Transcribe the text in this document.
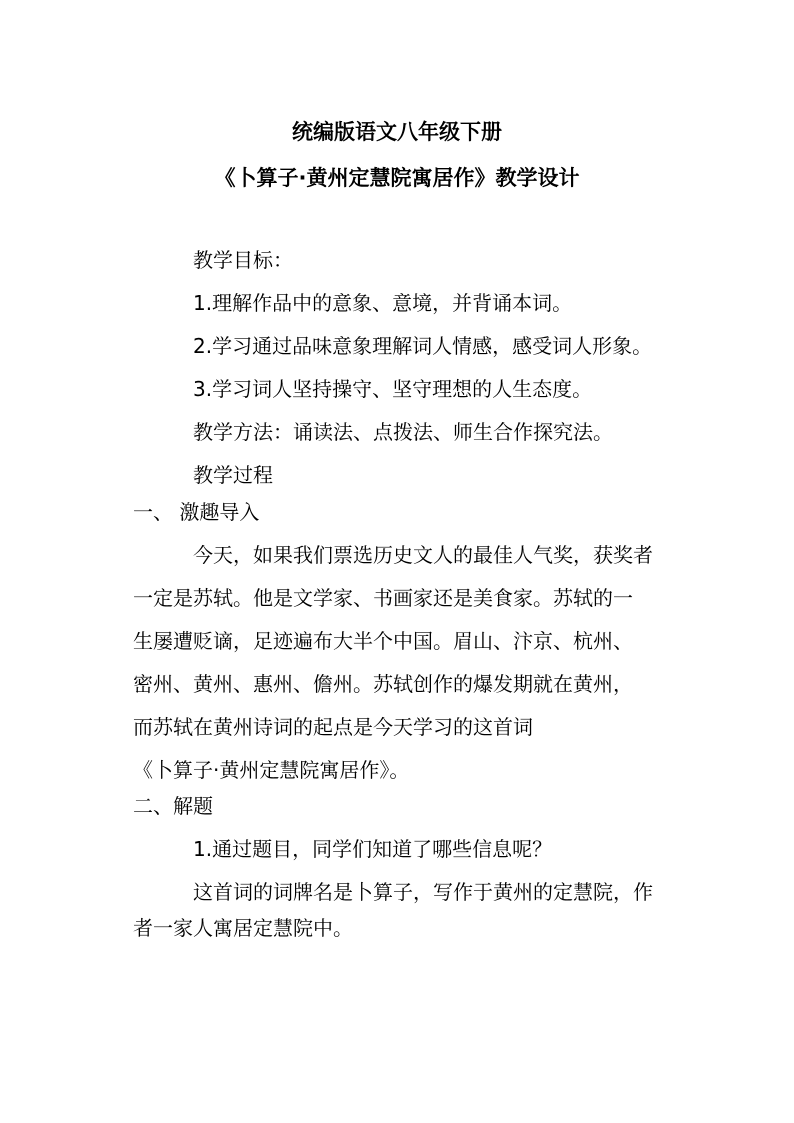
统编版语文八年级下册
《卜算子·黄州定慧院寓居作》教学设计
教学目标：
1.理解作品中的意象、意境，并背诵本词。
2.学习通过品味意象理解词人情感，感受词人形象。
3.学习词人坚持操守、坚守理想的人生态度。
教学方法：诵读法、点拨法、师生合作探究法。
教学过程
一、 激趣导入
今天，如果我们票选历史文人的最佳人气奖，获奖者
一定是苏轼。他是文学家、书画家还是美食家。苏轼的一
生屡遭贬谪，足迹遍布大半个中国。眉山、汴京、杭州、
密州、黄州、惠州、儋州。苏轼创作的爆发期就在黄州，
而苏轼在黄州诗词的起点是今天学习的这首词
《卜算子·黄州定慧院寓居作》。
二、解题
1.通过题目，同学们知道了哪些信息呢？
这首词的词牌名是卜算子，写作于黄州的定慧院，作
者一家人寓居定慧院中。
